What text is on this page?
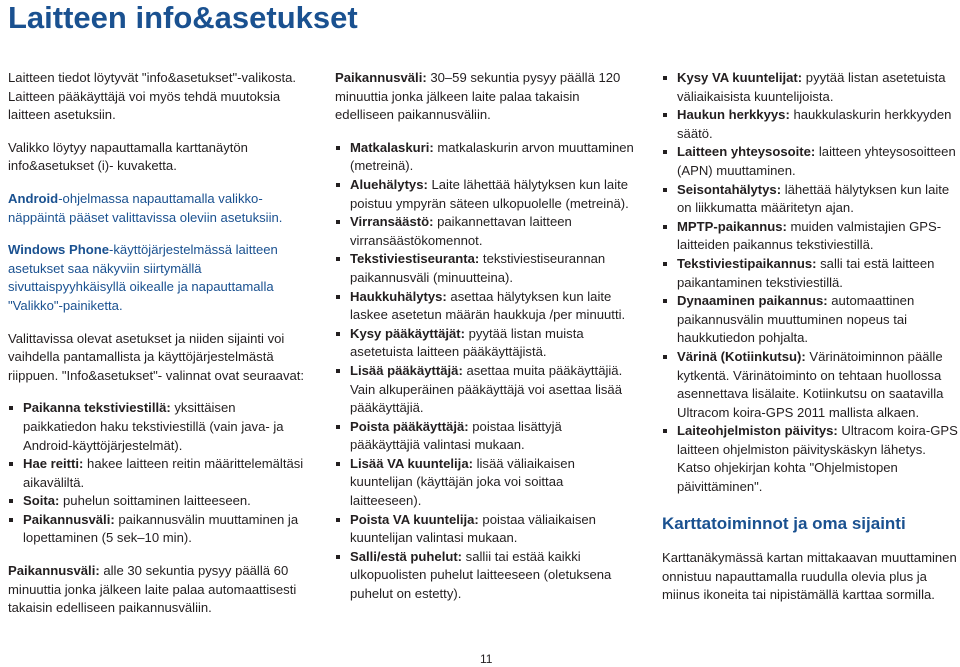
Laitteen info&asetukset

Laitteen tiedot löytyvät "info&asetukset"-valikosta. Laitteen pääkäyttäjä voi myös tehdä muutoksia laitteen asetuksiin.

Valikko löytyy napauttamalla karttanäytön info&asetukset (i)- kuvaketta.

Android-ohjelmassa napauttamalla valikko-näppäintä pääset valittavissa oleviin asetuksiin.

Windows Phone-käyttöjärjestelmässä laitteen asetukset saa näkyviin siirtymällä sivuttaispyyhkäisyllä oikealle ja napauttamalla "Valikko"-painiketta.

Valittavissa olevat asetukset ja niiden sijainti voi vaihdella pantamallista ja käyttöjärjestelmästä riippuen. "Info&asetukset"- valinnat ovat seuraavat:

Paikanna tekstiviestillä: yksittäisen paikkatiedon haku tekstiviestillä (vain java- ja Android-käyttöjärjestelmät).
Hae reitti: hakee laitteen reitin määrittelemältäsi aikaväliltä.
Soita: puhelun soittaminen laitteeseen.
Paikannusväli: paikannusvälin muuttaminen ja lopettaminen (5 sek–10 min).

Paikannusväli: alle 30 sekuntia pysyy päällä 60 minuuttia jonka jälkeen laite palaa automaattisesti takaisin edelliseen paikannusväliin.

Paikannusväli: 30–59 sekuntia pysyy päällä 120 minuuttia jonka jälkeen laite palaa takaisin edelliseen paikannusväliin.

Matkalaskuri: matkalaskurin arvon muuttaminen (metreinä).
Aluehälytys: Laite lähettää hälytyksen kun laite poistuu ympyrän säteen ulkopuolelle (metreinä).
Virransäästö: paikannettavan laitteen virransäästökomennot.
Tekstiviestiseuranta: tekstiviestiseurannan paikannusväli (minuutteina).
Haukkuhälytys: asettaa hälytyksen kun laite laskee asetetun määrän haukkuja /per minuutti.
Kysy pääkäyttäjät: pyytää listan muista asetetuista laitteen pääkäyttäjistä.
Lisää pääkäyttäjä: asettaa muita pääkäyttäjiä. Vain alkuperäinen pääkäyttäjä voi asettaa lisää pääkäyttäjiä.
Poista pääkäyttäjä: poistaa lisättyjä pääkäyttäjiä valintasi mukaan.
Lisää VA kuuntelija: lisää väliaikaisen kuuntelijan (käyttäjän joka voi soittaa laitteeseen).
Poista VA kuuntelija: poistaa väliaikaisen kuuntelijan valintasi mukaan.
Salli/estä puhelut: sallii tai estää kaikki ulkopuolisten puhelut laitteeseen (oletuksena puhelut on estetty).
Kysy VA kuuntelijat: pyytää listan asetetuista väliaikaisista kuuntelijoista.
Haukun herkkyys: haukkulaskurin herkkyyden säätö.
Laitteen yhteysosoite: laitteen yhteysosoitteen (APN) muuttaminen.
Seisontahälytys: lähettää hälytyksen kun laite on liikkumatta määritetyn ajan.
MPTP-paikannus: muiden valmistajien GPS-laitteiden paikannus tekstiviestillä.
Tekstiviestipaikannus: salli tai estä laitteen paikantaminen tekstiviestillä.
Dynaaminen paikannus: automaattinen paikannusvälin muuttuminen nopeus tai haukkutiedon pohjalta.
Värinä (Kotiinkutsu): Värinätoiminnon päälle kytkentä. Värinätoiminto on tehtaan huollossa asennettava lisälaite. Kotiinkutsu on saatavilla Ultracom koira-GPS 2011 mallista alkaen.
Laiteohjelmiston päivitys: Ultracom koira-GPS laitteen ohjelmiston päivityskäskyn lähetys. Katso ohjekirjan kohta "Ohjelmistopen päivittäminen".
Karttatoiminnot ja oma sijainti

Karttanäkymässä kartan mittakaavan muuttaminen onnistuu napauttamalla ruudulla olevia plus ja miinus ikoneita tai nipistämällä karttaa sormilla.

11
